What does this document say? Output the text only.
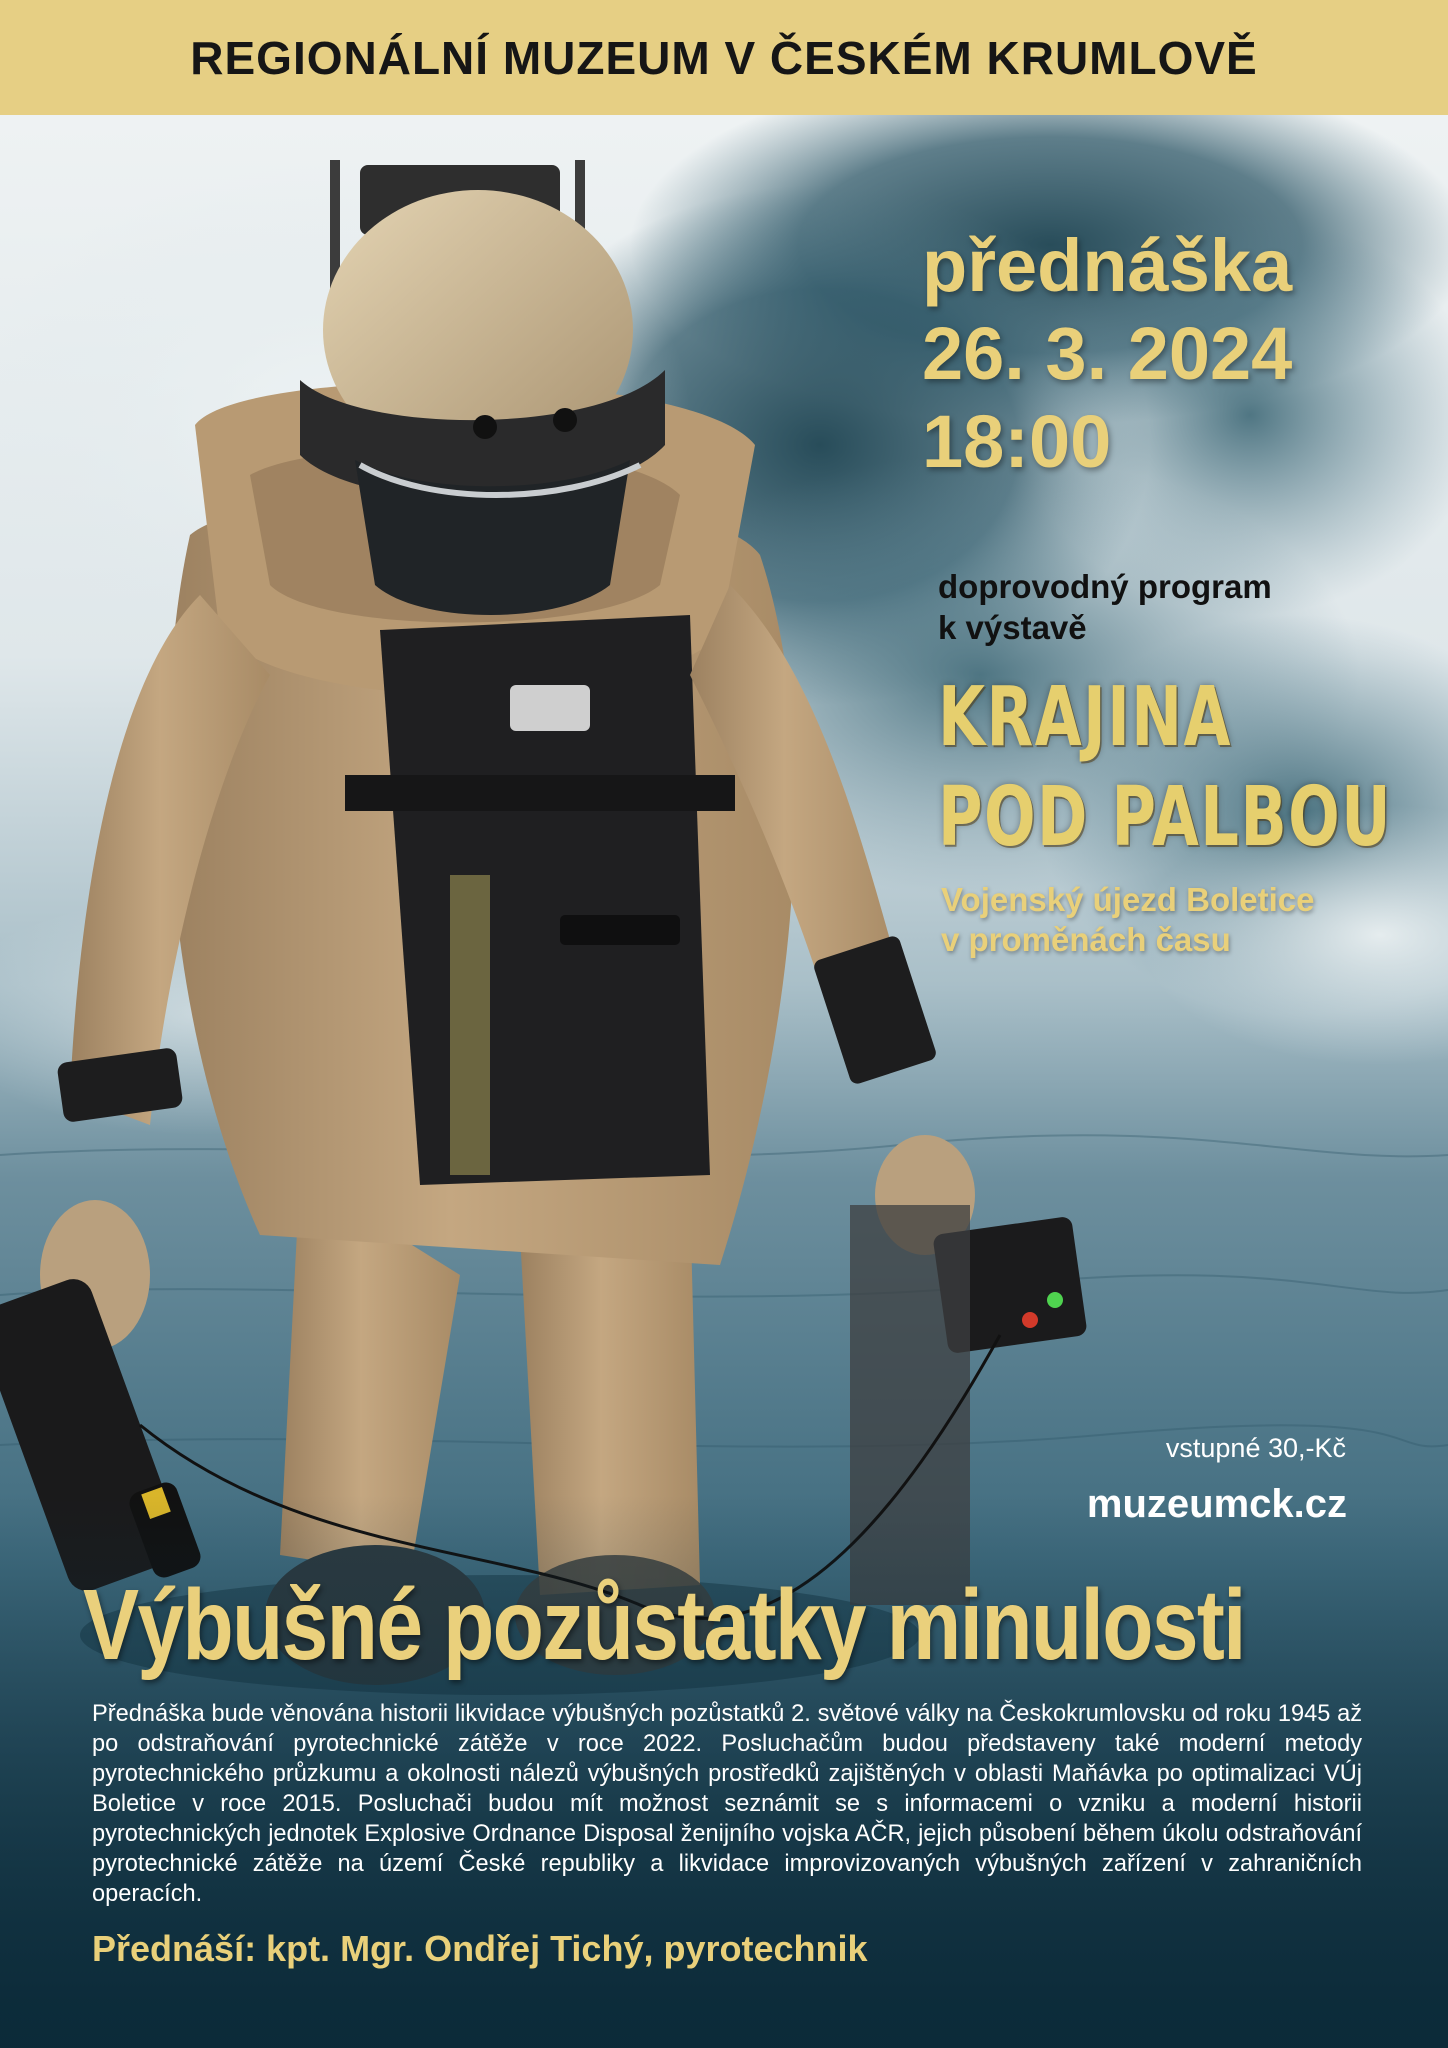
REGIONÁLNÍ MUZEUM V ČESKÉM KRUMLOVĚ
přednáška
26. 3. 2024
18:00
doprovodný program
k výstavě
KRAJINA
POD PALBOU
Vojenský újezd Boletice
v proměnách času
vstupné 30,-Kč
muzeumck.cz
Výbušné pozůstatky minulosti
Přednáška bude věnována historii likvidace výbušných pozůstatků 2. světové války na Českokrumlovsku od roku 1945 až po odstraňování pyrotechnické zátěže v roce 2022. Posluchačům budou představeny také moderní metody pyrotechnického průzkumu a okolnosti nálezů výbušných prostředků zajištěných v oblasti Maňávka po optimalizaci VÚj Boletice v roce 2015. Posluchači budou mít možnost seznámit se s informacemi o vzniku a moderní historii pyrotechnických jednotek Explosive Ordnance Disposal ženijního vojska AČR, jejich působení během úkolu odstraňování pyrotechnické zátěže na území České republiky a likvidace improvizovaných výbušných zařízení v zahraničních operacích.
Přednáší: kpt. Mgr. Ondřej Tichý, pyrotechnik
